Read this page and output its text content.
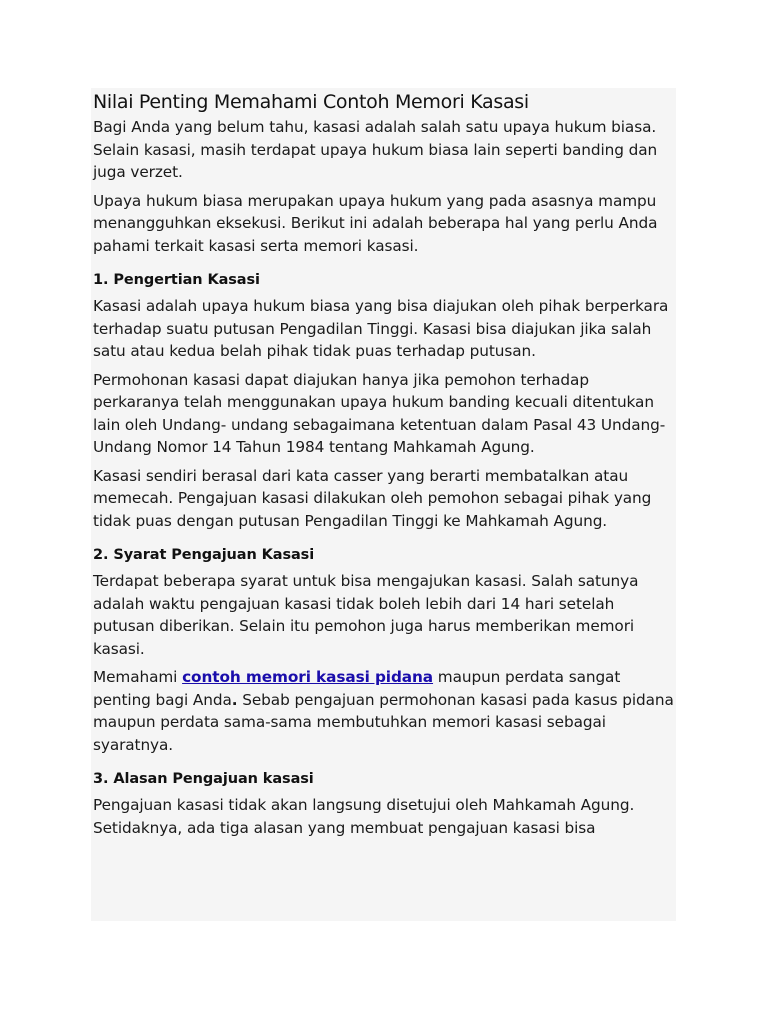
Nilai Penting Memahami Contoh Memori Kasasi

Bagi Anda yang belum tahu, kasasi adalah salah satu upaya hukum biasa. Selain kasasi, masih terdapat upaya hukum biasa lain seperti banding dan juga verzet.

Upaya hukum biasa merupakan upaya hukum yang pada asasnya mampu menangguhkan eksekusi. Berikut ini adalah beberapa hal yang perlu Anda pahami terkait kasasi serta memori kasasi.

1. Pengertian Kasasi

Kasasi adalah upaya hukum biasa yang bisa diajukan oleh pihak berperkara terhadap suatu putusan Pengadilan Tinggi. Kasasi bisa diajukan jika salah satu atau kedua belah pihak tidak puas terhadap putusan.

Permohonan kasasi dapat diajukan hanya jika pemohon terhadap perkaranya telah menggunakan upaya hukum banding kecuali ditentukan lain oleh Undang- undang sebagaimana ketentuan dalam Pasal 43 Undang-Undang Nomor 14 Tahun 1984 tentang Mahkamah Agung.

Kasasi sendiri berasal dari kata casser yang berarti membatalkan atau memecah. Pengajuan kasasi dilakukan oleh pemohon sebagai pihak yang tidak puas dengan putusan Pengadilan Tinggi ke Mahkamah Agung.

2. Syarat Pengajuan Kasasi

Terdapat beberapa syarat untuk bisa mengajukan kasasi. Salah satunya adalah waktu pengajuan kasasi tidak boleh lebih dari 14 hari setelah putusan diberikan. Selain itu pemohon juga harus memberikan memori kasasi.

Memahami contoh memori kasasi pidana maupun perdata sangat penting bagi Anda. Sebab pengajuan permohonan kasasi pada kasus pidana maupun perdata sama-sama membutuhkan memori kasasi sebagai syaratnya.

3. Alasan Pengajuan kasasi

Pengajuan kasasi tidak akan langsung disetujui oleh Mahkamah Agung. Setidaknya, ada tiga alasan yang membuat pengajuan kasasi bisa
